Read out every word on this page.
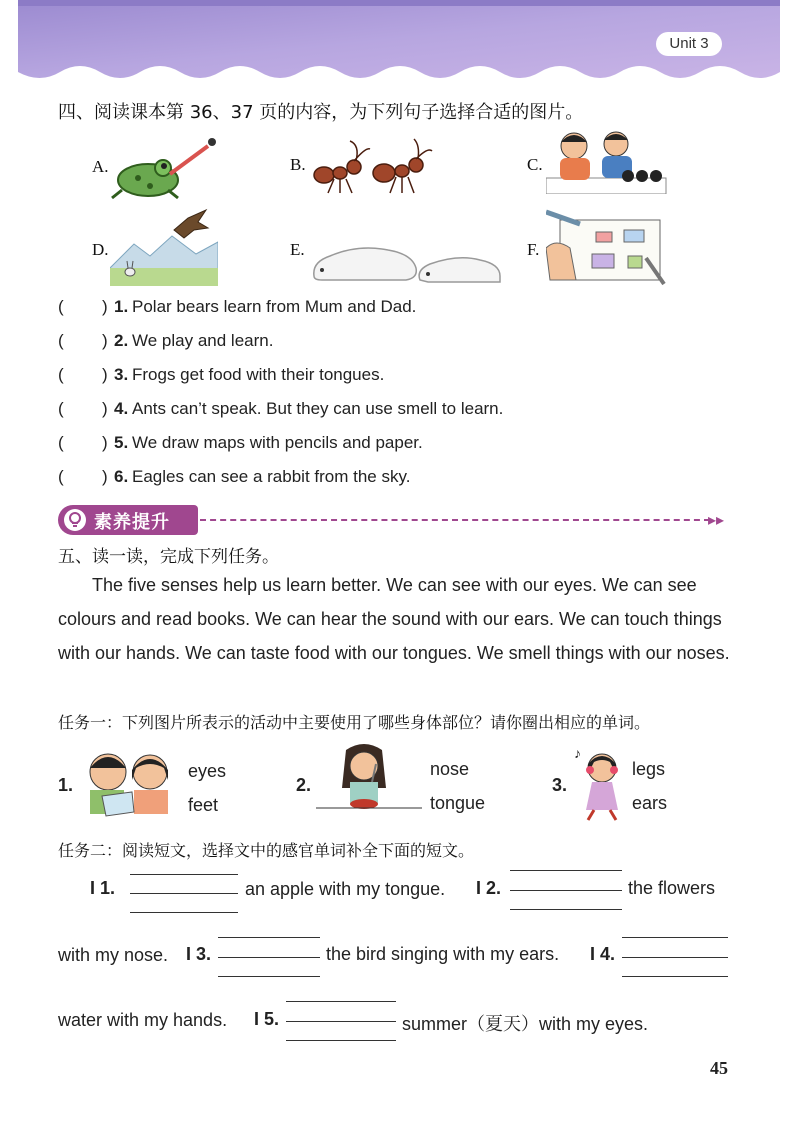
Unit 3
四、阅读课本第 36、37 页的内容，为下列句子选择合适的图片。
A.	B.	C.
D.	E.	F.
( ) 1. Polar bears learn from Mum and Dad.
( ) 2. We play and learn.
( ) 3. Frogs get food with their tongues.
( ) 4. Ants can’t speak. But they can use smell to learn.
( ) 5. We draw maps with pencils and paper.
( ) 6. Eagles can see a rabbit from the sky.
素养提升	▸▸
五、读一读，完成下列任务。
The five senses help us learn better. We can see with our eyes. We can see colours and read books. We can hear the sound with our ears. We can touch things with our hands. We can taste food with our tongues. We smell things with our noses.
任务一：下列图片所表示的活动中主要使用了哪些身体部位？请你圈出相应的单词。
1.
eyes
feet
2.
nose
tongue
3.
♪
legs
ears
任务二：阅读短文，选择文中的感官单词补全下面的短文。
I 1.	an apple with my tongue. I 2.	the flowers
with my nose. I 3.	the bird singing with my ears. I 4.
water with my hands. I 5.	summer（夏天）with my eyes.
45
